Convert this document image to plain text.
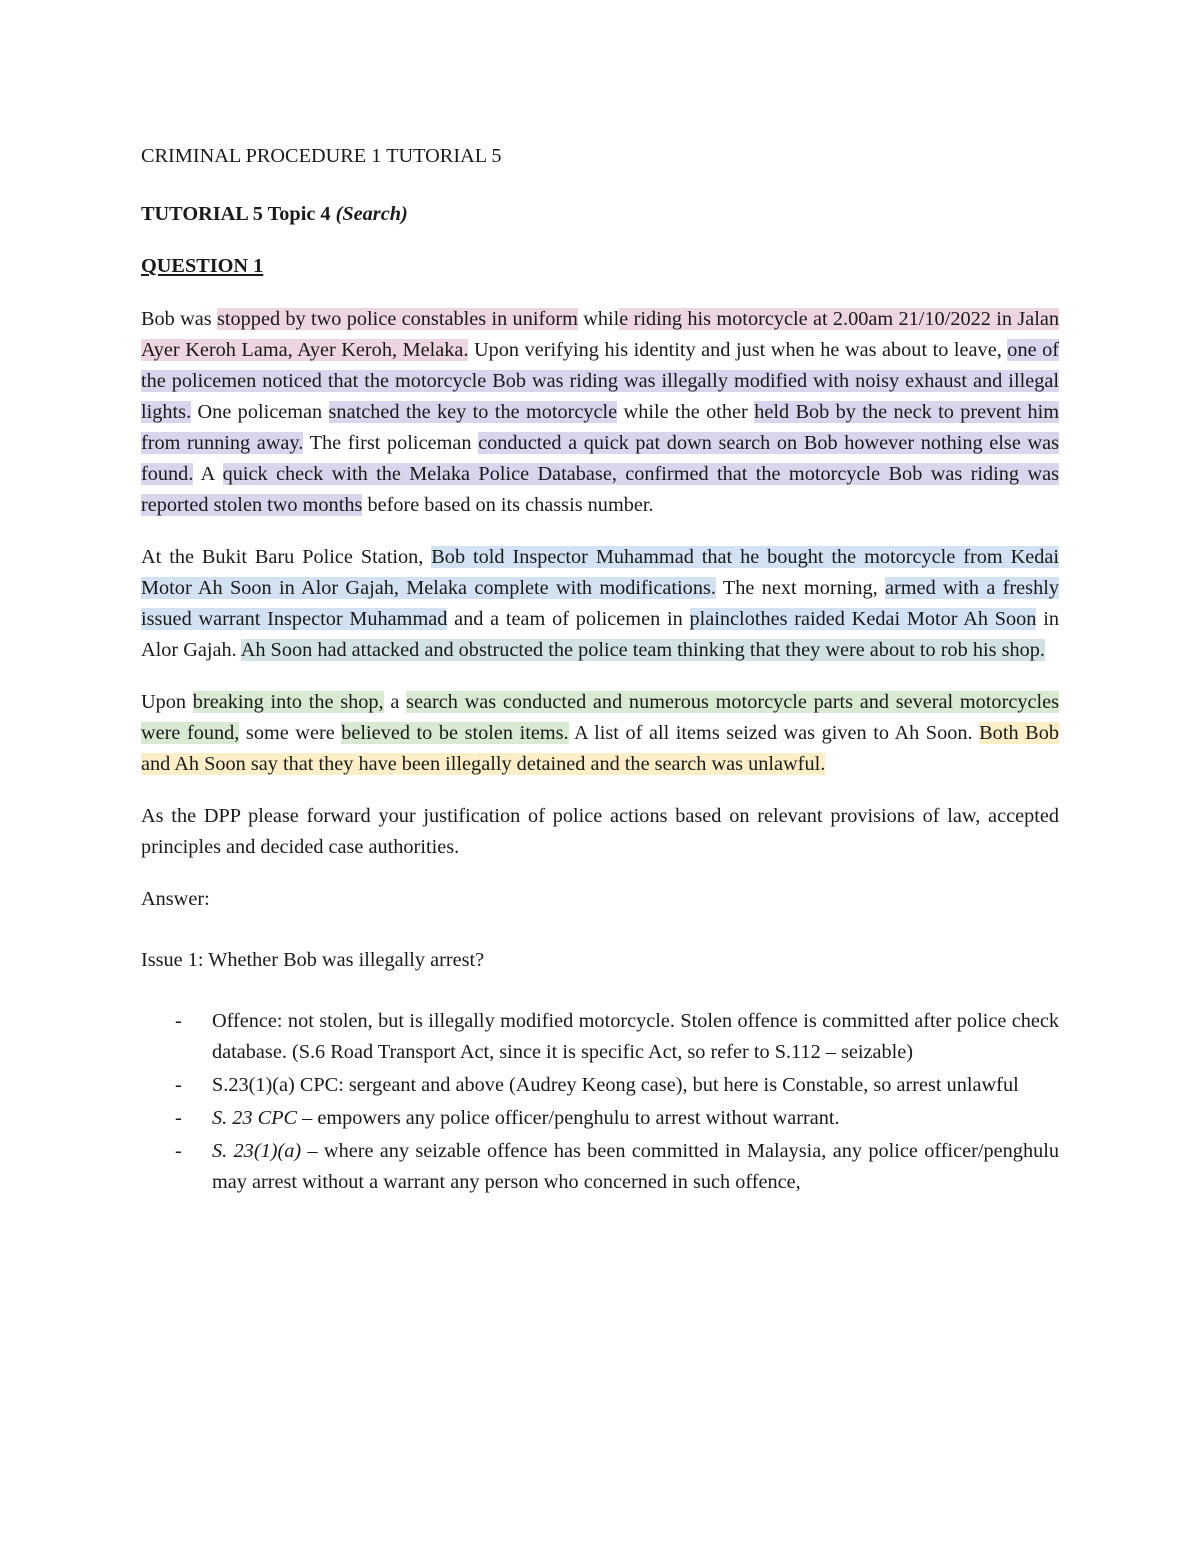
CRIMINAL PROCEDURE 1 TUTORIAL 5

TUTORIAL 5 Topic 4 (Search)

QUESTION 1

Bob was stopped by two police constables in uniform while riding his motorcycle at 2.00am 21/10/2022 in Jalan Ayer Keroh Lama, Ayer Keroh, Melaka. Upon verifying his identity and just when he was about to leave, one of the policemen noticed that the motorcycle Bob was riding was illegally modified with noisy exhaust and illegal lights. One policeman snatched the key to the motorcycle while the other held Bob by the neck to prevent him from running away. The first policeman conducted a quick pat down search on Bob however nothing else was found. A quick check with the Melaka Police Database, confirmed that the motorcycle Bob was riding was reported stolen two months before based on its chassis number.

At the Bukit Baru Police Station, Bob told Inspector Muhammad that he bought the motorcycle from Kedai Motor Ah Soon in Alor Gajah, Melaka complete with modifications. The next morning, armed with a freshly issued warrant Inspector Muhammad and a team of policemen in plainclothes raided Kedai Motor Ah Soon in Alor Gajah. Ah Soon had attacked and obstructed the police team thinking that they were about to rob his shop.

Upon breaking into the shop, a search was conducted and numerous motorcycle parts and several motorcycles were found, some were believed to be stolen items. A list of all items seized was given to Ah Soon. Both Bob and Ah Soon say that they have been illegally detained and the search was unlawful.

As the DPP please forward your justification of police actions based on relevant provisions of law, accepted principles and decided case authorities.

Answer:

Issue 1: Whether Bob was illegally arrest?

- Offence: not stolen, but is illegally modified motorcycle. Stolen offence is committed after police check database. (S.6 Road Transport Act, since it is specific Act, so refer to S.112 – seizable)
- S.23(1)(a) CPC: sergeant and above (Audrey Keong case), but here is Constable, so arrest unlawful
- S. 23 CPC – empowers any police officer/penghulu to arrest without warrant.
- S. 23(1)(a) – where any seizable offence has been committed in Malaysia, any police officer/penghulu may arrest without a warrant any person who concerned in such offence,
